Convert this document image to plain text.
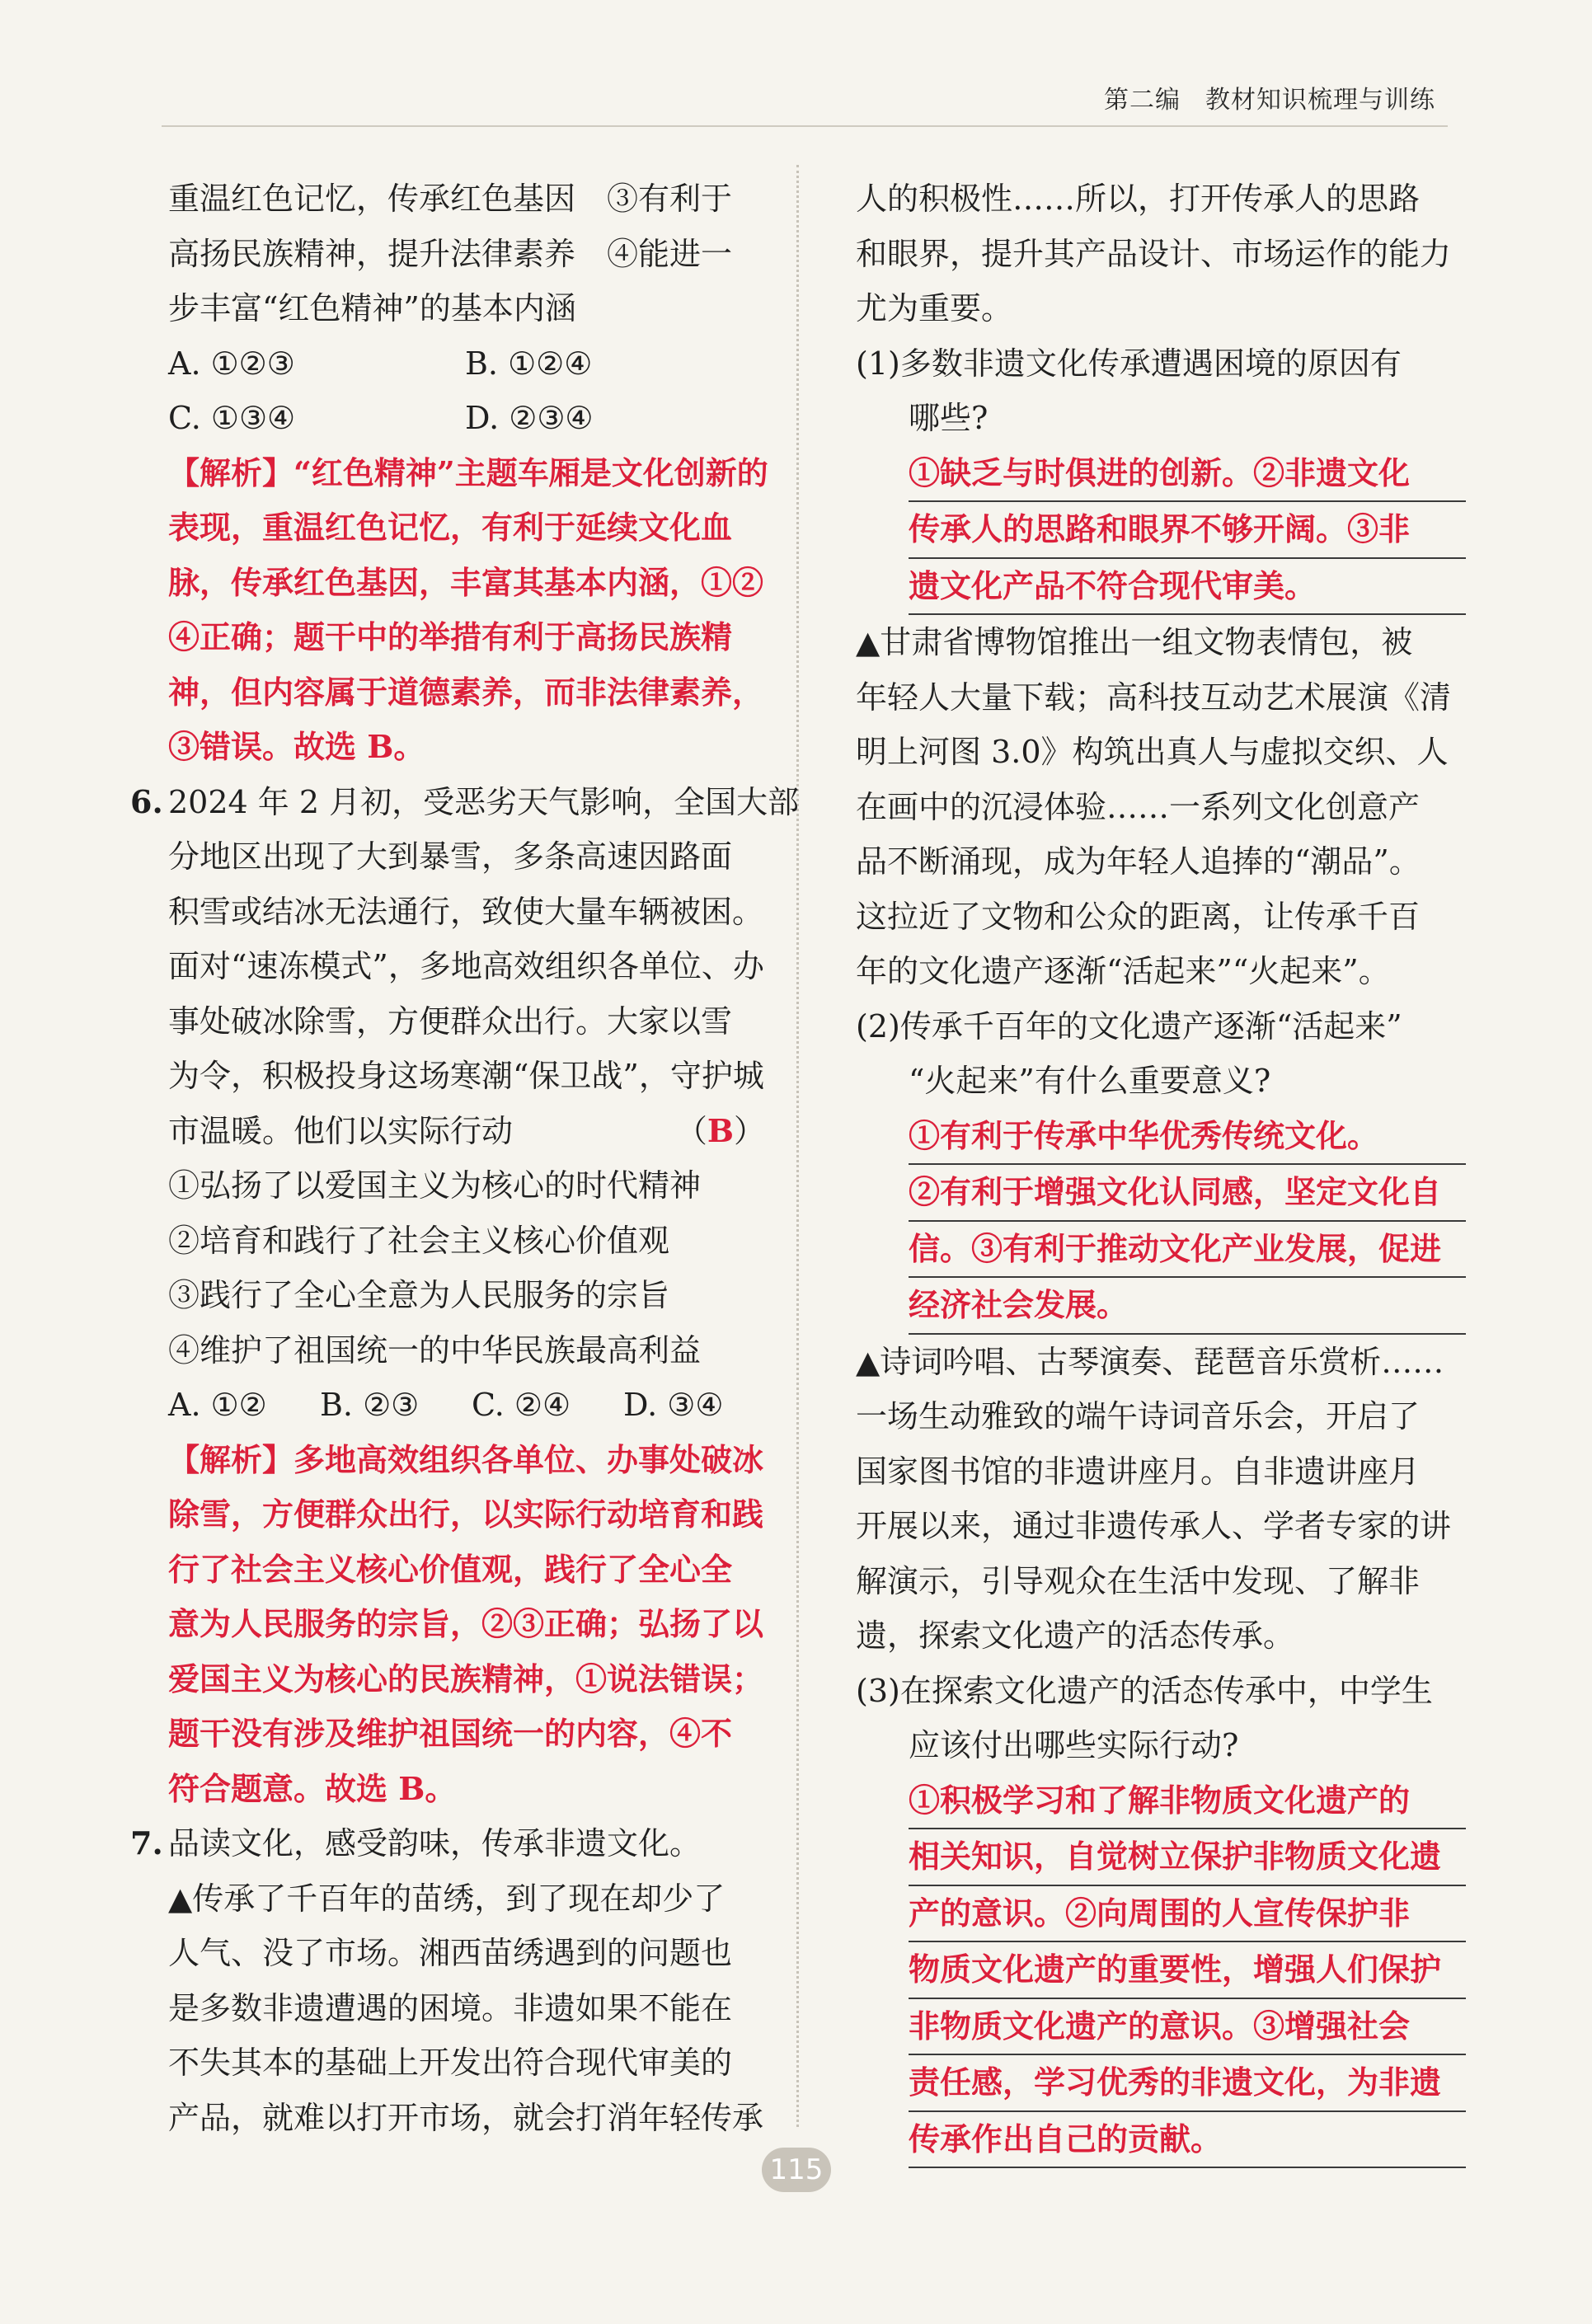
第二编 教材知识梳理与训练
重温红色记忆，传承红色基因　③有利于
高扬民族精神，提升法律素养　④能进一
步丰富“红色精神”的基本内涵
A. ①②③	B. ①②④
C. ①③④	D. ②③④
【解析】“红色精神”主题车厢是文化创新的
表现，重温红色记忆，有利于延续文化血
脉，传承红色基因，丰富其基本内涵，①②
④正确；题干中的举措有利于高扬民族精
神，但内容属于道德素养，而非法律素养，
③错误。故选 B。
6. 2024 年 2 月初，受恶劣天气影响，全国大部
分地区出现了大到暴雪，多条高速因路面
积雪或结冰无法通行，致使大量车辆被困。
面对“速冻模式”，多地高效组织各单位、办
事处破冰除雪，方便群众出行。大家以雪
为令，积极投身这场寒潮“保卫战”，守护城
市温暖。他们以实际行动	（B）
①弘扬了以爱国主义为核心的时代精神
②培育和践行了社会主义核心价值观
③践行了全心全意为人民服务的宗旨
④维护了祖国统一的中华民族最高利益
A. ①②	B. ②③	C. ②④	D. ③④
【解析】多地高效组织各单位、办事处破冰
除雪，方便群众出行，以实际行动培育和践
行了社会主义核心价值观，践行了全心全
意为人民服务的宗旨，②③正确；弘扬了以
爱国主义为核心的民族精神，①说法错误；
题干没有涉及维护祖国统一的内容，④不
符合题意。故选 B。
7. 品读文化，感受韵味，传承非遗文化。
▲传承了千百年的苗绣，到了现在却少了
人气、没了市场。湘西苗绣遇到的问题也
是多数非遗遭遇的困境。非遗如果不能在
不失其本的基础上开发出符合现代审美的
产品，就难以打开市场，就会打消年轻传承
人的积极性……所以，打开传承人的思路
和眼界，提升其产品设计、市场运作的能力
尤为重要。
(1)多数非遗文化传承遭遇困境的原因有
哪些?
①缺乏与时俱进的创新。②非遗文化
传承人的思路和眼界不够开阔。③非
遗文化产品不符合现代审美。
▲甘肃省博物馆推出一组文物表情包，被
年轻人大量下载；高科技互动艺术展演《清
明上河图 3.0》构筑出真人与虚拟交织、人
在画中的沉浸体验……一系列文化创意产
品不断涌现，成为年轻人追捧的“潮品”。
这拉近了文物和公众的距离，让传承千百
年的文化遗产逐渐“活起来”“火起来”。
(2)传承千百年的文化遗产逐渐“活起来”
“火起来”有什么重要意义?
①有利于传承中华优秀传统文化。
②有利于增强文化认同感，坚定文化自
信。③有利于推动文化产业发展，促进
经济社会发展。
▲诗词吟唱、古琴演奏、琵琶音乐赏析……
一场生动雅致的端午诗词音乐会，开启了
国家图书馆的非遗讲座月。自非遗讲座月
开展以来，通过非遗传承人、学者专家的讲
解演示，引导观众在生活中发现、了解非
遗，探索文化遗产的活态传承。
(3)在探索文化遗产的活态传承中，中学生
应该付出哪些实际行动?
①积极学习和了解非物质文化遗产的
相关知识，自觉树立保护非物质文化遗
产的意识。②向周围的人宣传保护非
物质文化遗产的重要性，增强人们保护
非物质文化遗产的意识。③增强社会
责任感，学习优秀的非遗文化，为非遗
传承作出自己的贡献。
115
